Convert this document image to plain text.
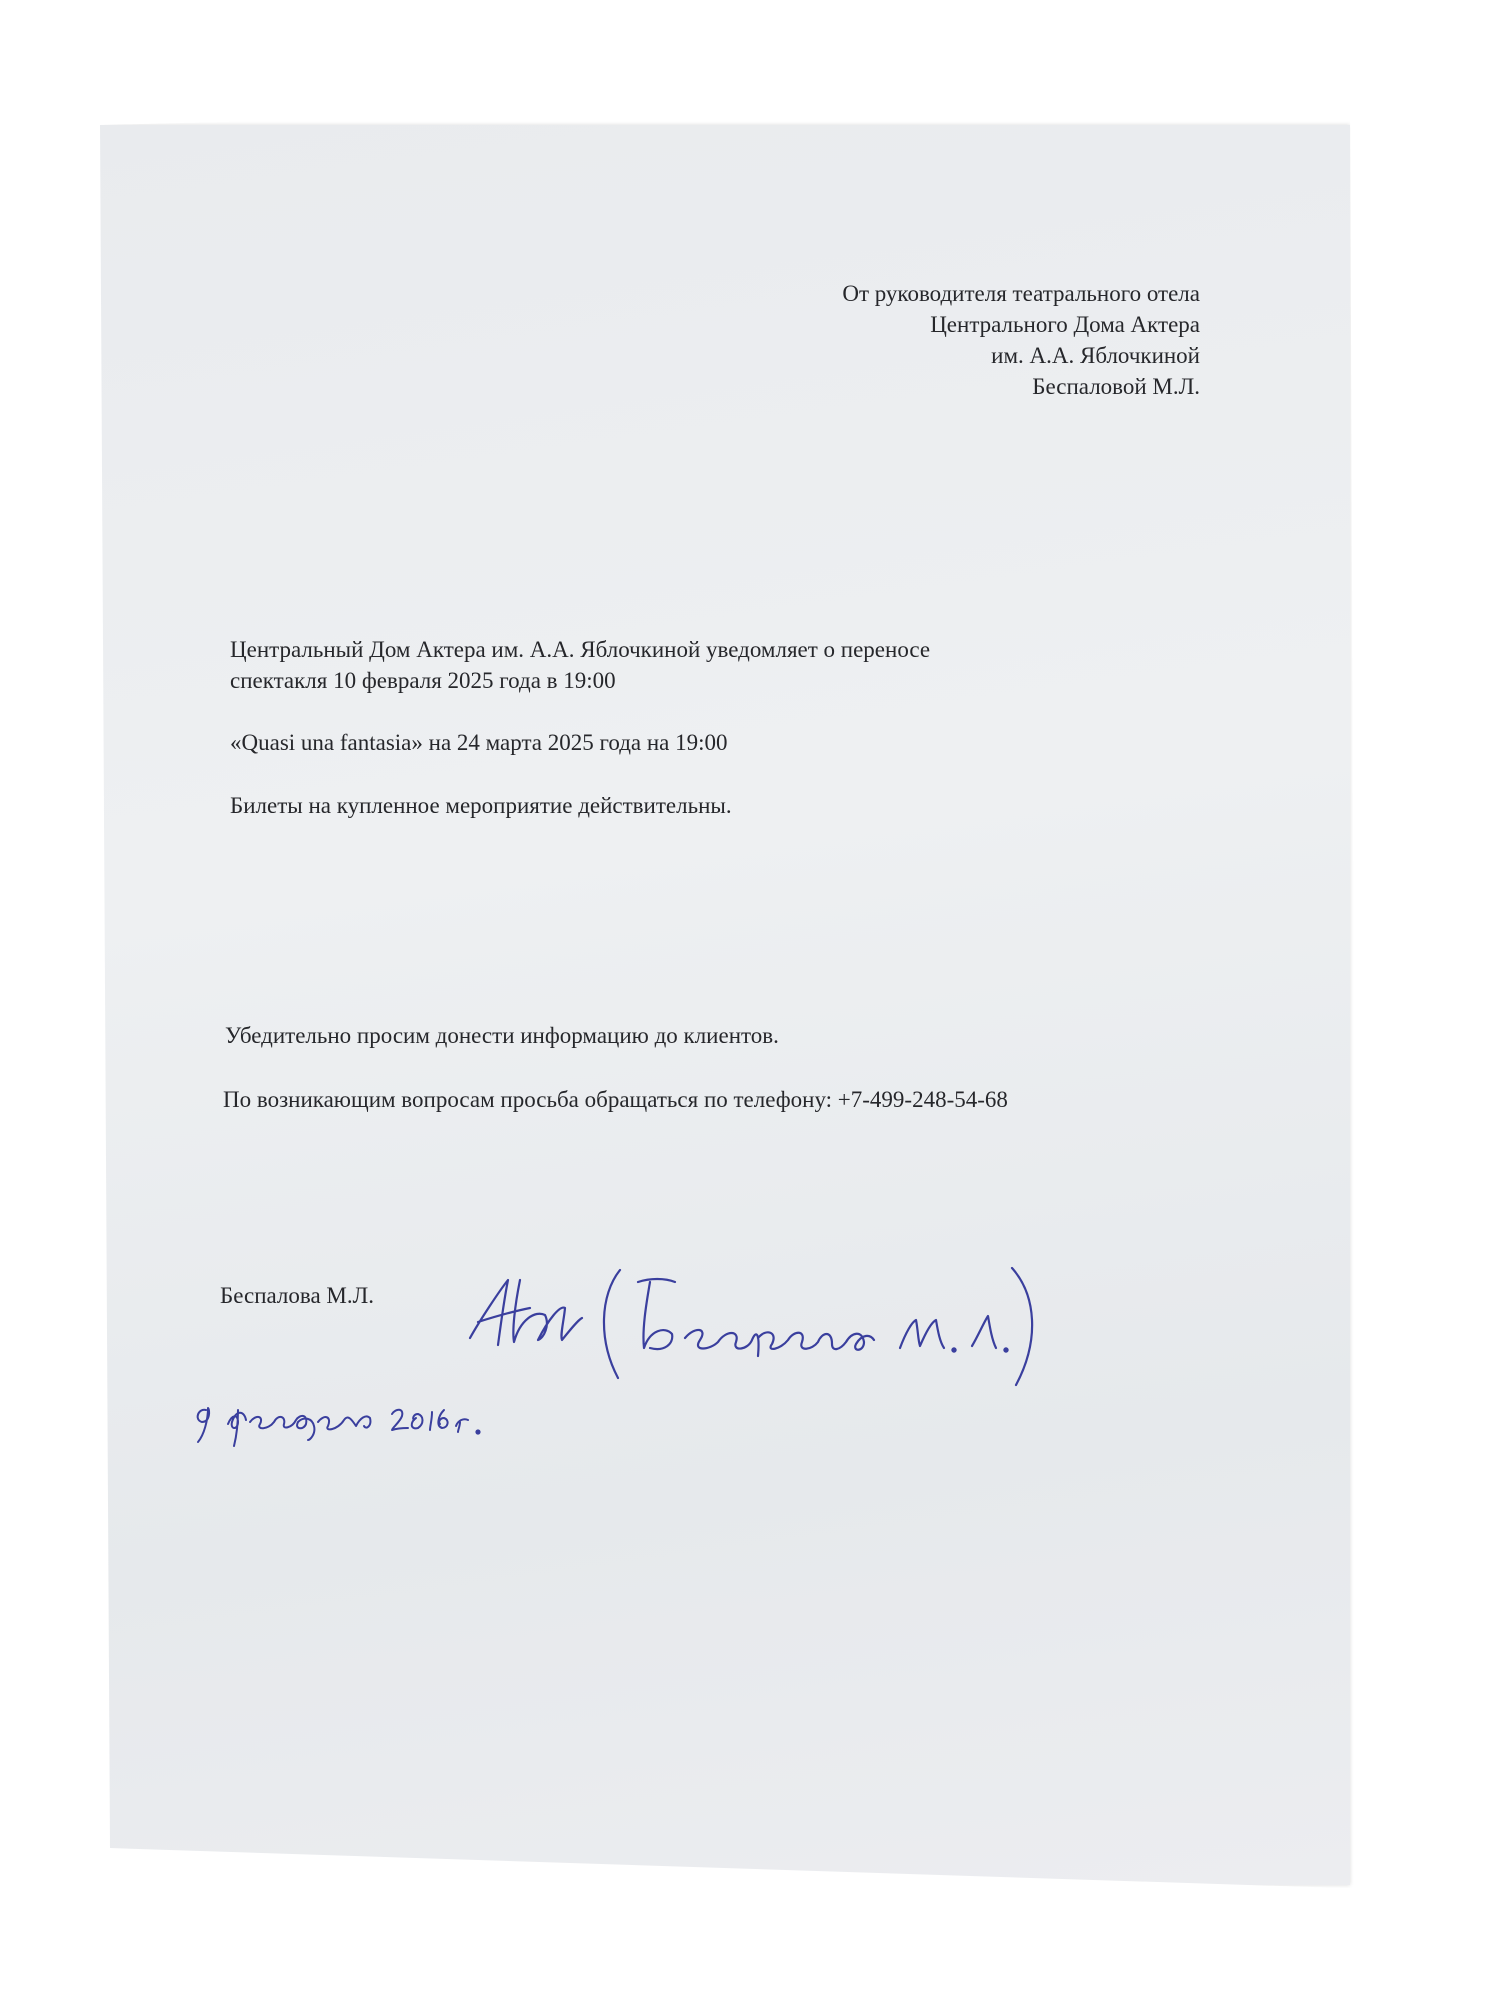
От руководителя театрального отела
Центрального Дома Актера
им. А.А. Яблочкиной
Беспаловой М.Л.
Центральный Дом Актера им. А.А. Яблочкиной уведомляет о переносе
спектакля 10 февраля 2025 года в 19:00
«Quasi una fantasia» на 24 марта 2025 года на 19:00
Билеты на купленное мероприятие действительны.
Убедительно просим донести информацию до клиентов.
По возникающим вопросам просьба обращаться по телефону: +7-499-248-54-68
Беспалова М.Л.
